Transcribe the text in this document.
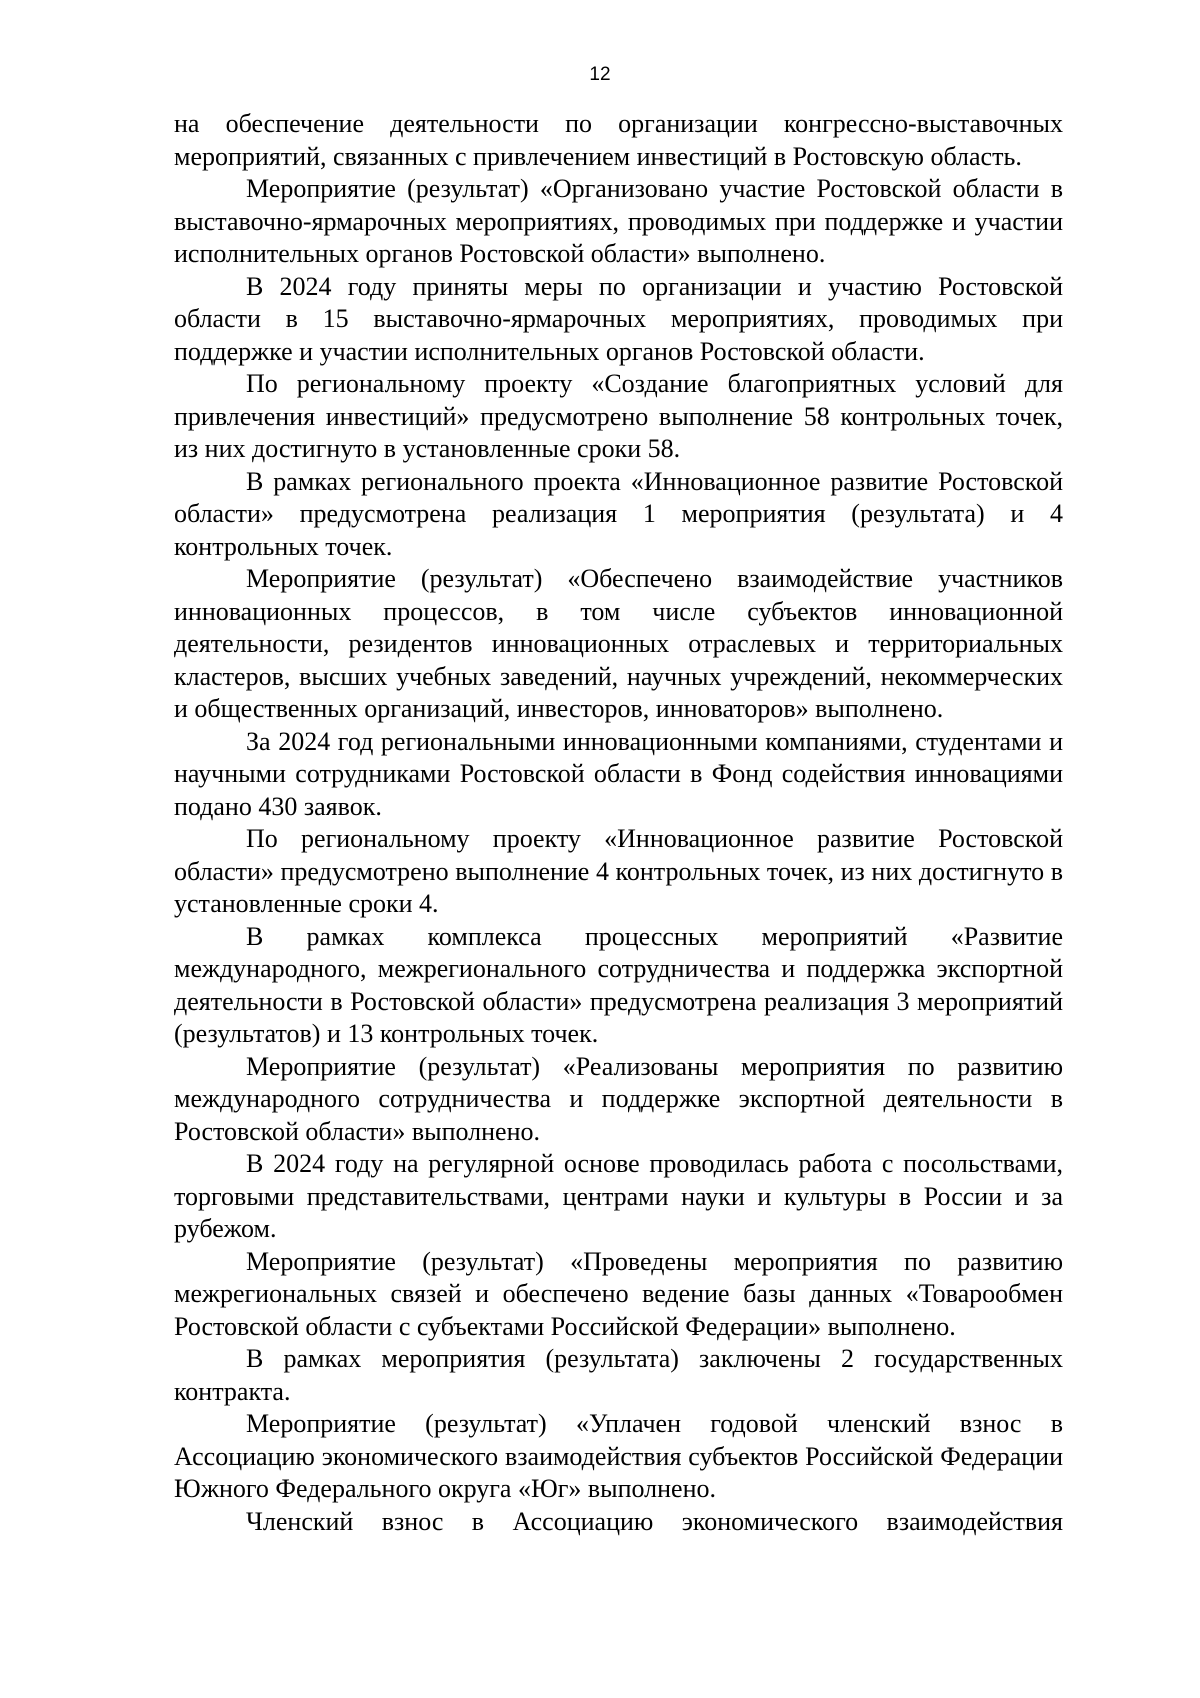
12

на обеспечение деятельности по организации конгрессно-выставочных мероприятий, связанных с привлечением инвестиций в Ростовскую область.

Мероприятие (результат) «Организовано участие Ростовской области в выставочно-ярмарочных мероприятиях, проводимых при поддержке и участии исполнительных органов Ростовской области» выполнено.

В 2024 году приняты меры по организации и участию Ростовской области в 15 выставочно-ярмарочных мероприятиях, проводимых при поддержке и участии исполнительных органов Ростовской области.

По региональному проекту «Создание благоприятных условий для привлечения инвестиций» предусмотрено выполнение 58 контрольных точек, из них достигнуто в установленные сроки 58.

В рамках регионального проекта «Инновационное развитие Ростовской области» предусмотрена реализация 1 мероприятия (результата) и 4 контрольных точек.

Мероприятие (результат) «Обеспечено взаимодействие участников инновационных процессов, в том числе субъектов инновационной деятельности, резидентов инновационных отраслевых и территориальных кластеров, высших учебных заведений, научных учреждений, некоммерческих и общественных организаций, инвесторов, инноваторов» выполнено.

За 2024 год региональными инновационными компаниями, студентами и научными сотрудниками Ростовской области в Фонд содействия инновациями подано 430 заявок.

По региональному проекту «Инновационное развитие Ростовской области» предусмотрено выполнение 4 контрольных точек, из них достигнуто в установленные сроки 4.

В рамках комплекса процессных мероприятий «Развитие международного, межрегионального сотрудничества и поддержка экспортной деятельности в Ростовской области» предусмотрена реализация 3 мероприятий (результатов) и 13 контрольных точек.

Мероприятие (результат) «Реализованы мероприятия по развитию международного сотрудничества и поддержке экспортной деятельности в Ростовской области» выполнено.

В 2024 году на регулярной основе проводилась работа с посольствами, торговыми представительствами, центрами науки и культуры в России и за рубежом.

Мероприятие (результат) «Проведены мероприятия по развитию межрегиональных связей и обеспечено ведение базы данных «Товарообмен Ростовской области с субъектами Российской Федерации» выполнено.

В рамках мероприятия (результата) заключены 2 государственных контракта.

Мероприятие (результат) «Уплачен годовой членский взнос в Ассоциацию экономического взаимодействия субъектов Российской Федерации Южного Федерального округа «Юг» выполнено.

Членский взнос в Ассоциацию экономического взаимодействия
